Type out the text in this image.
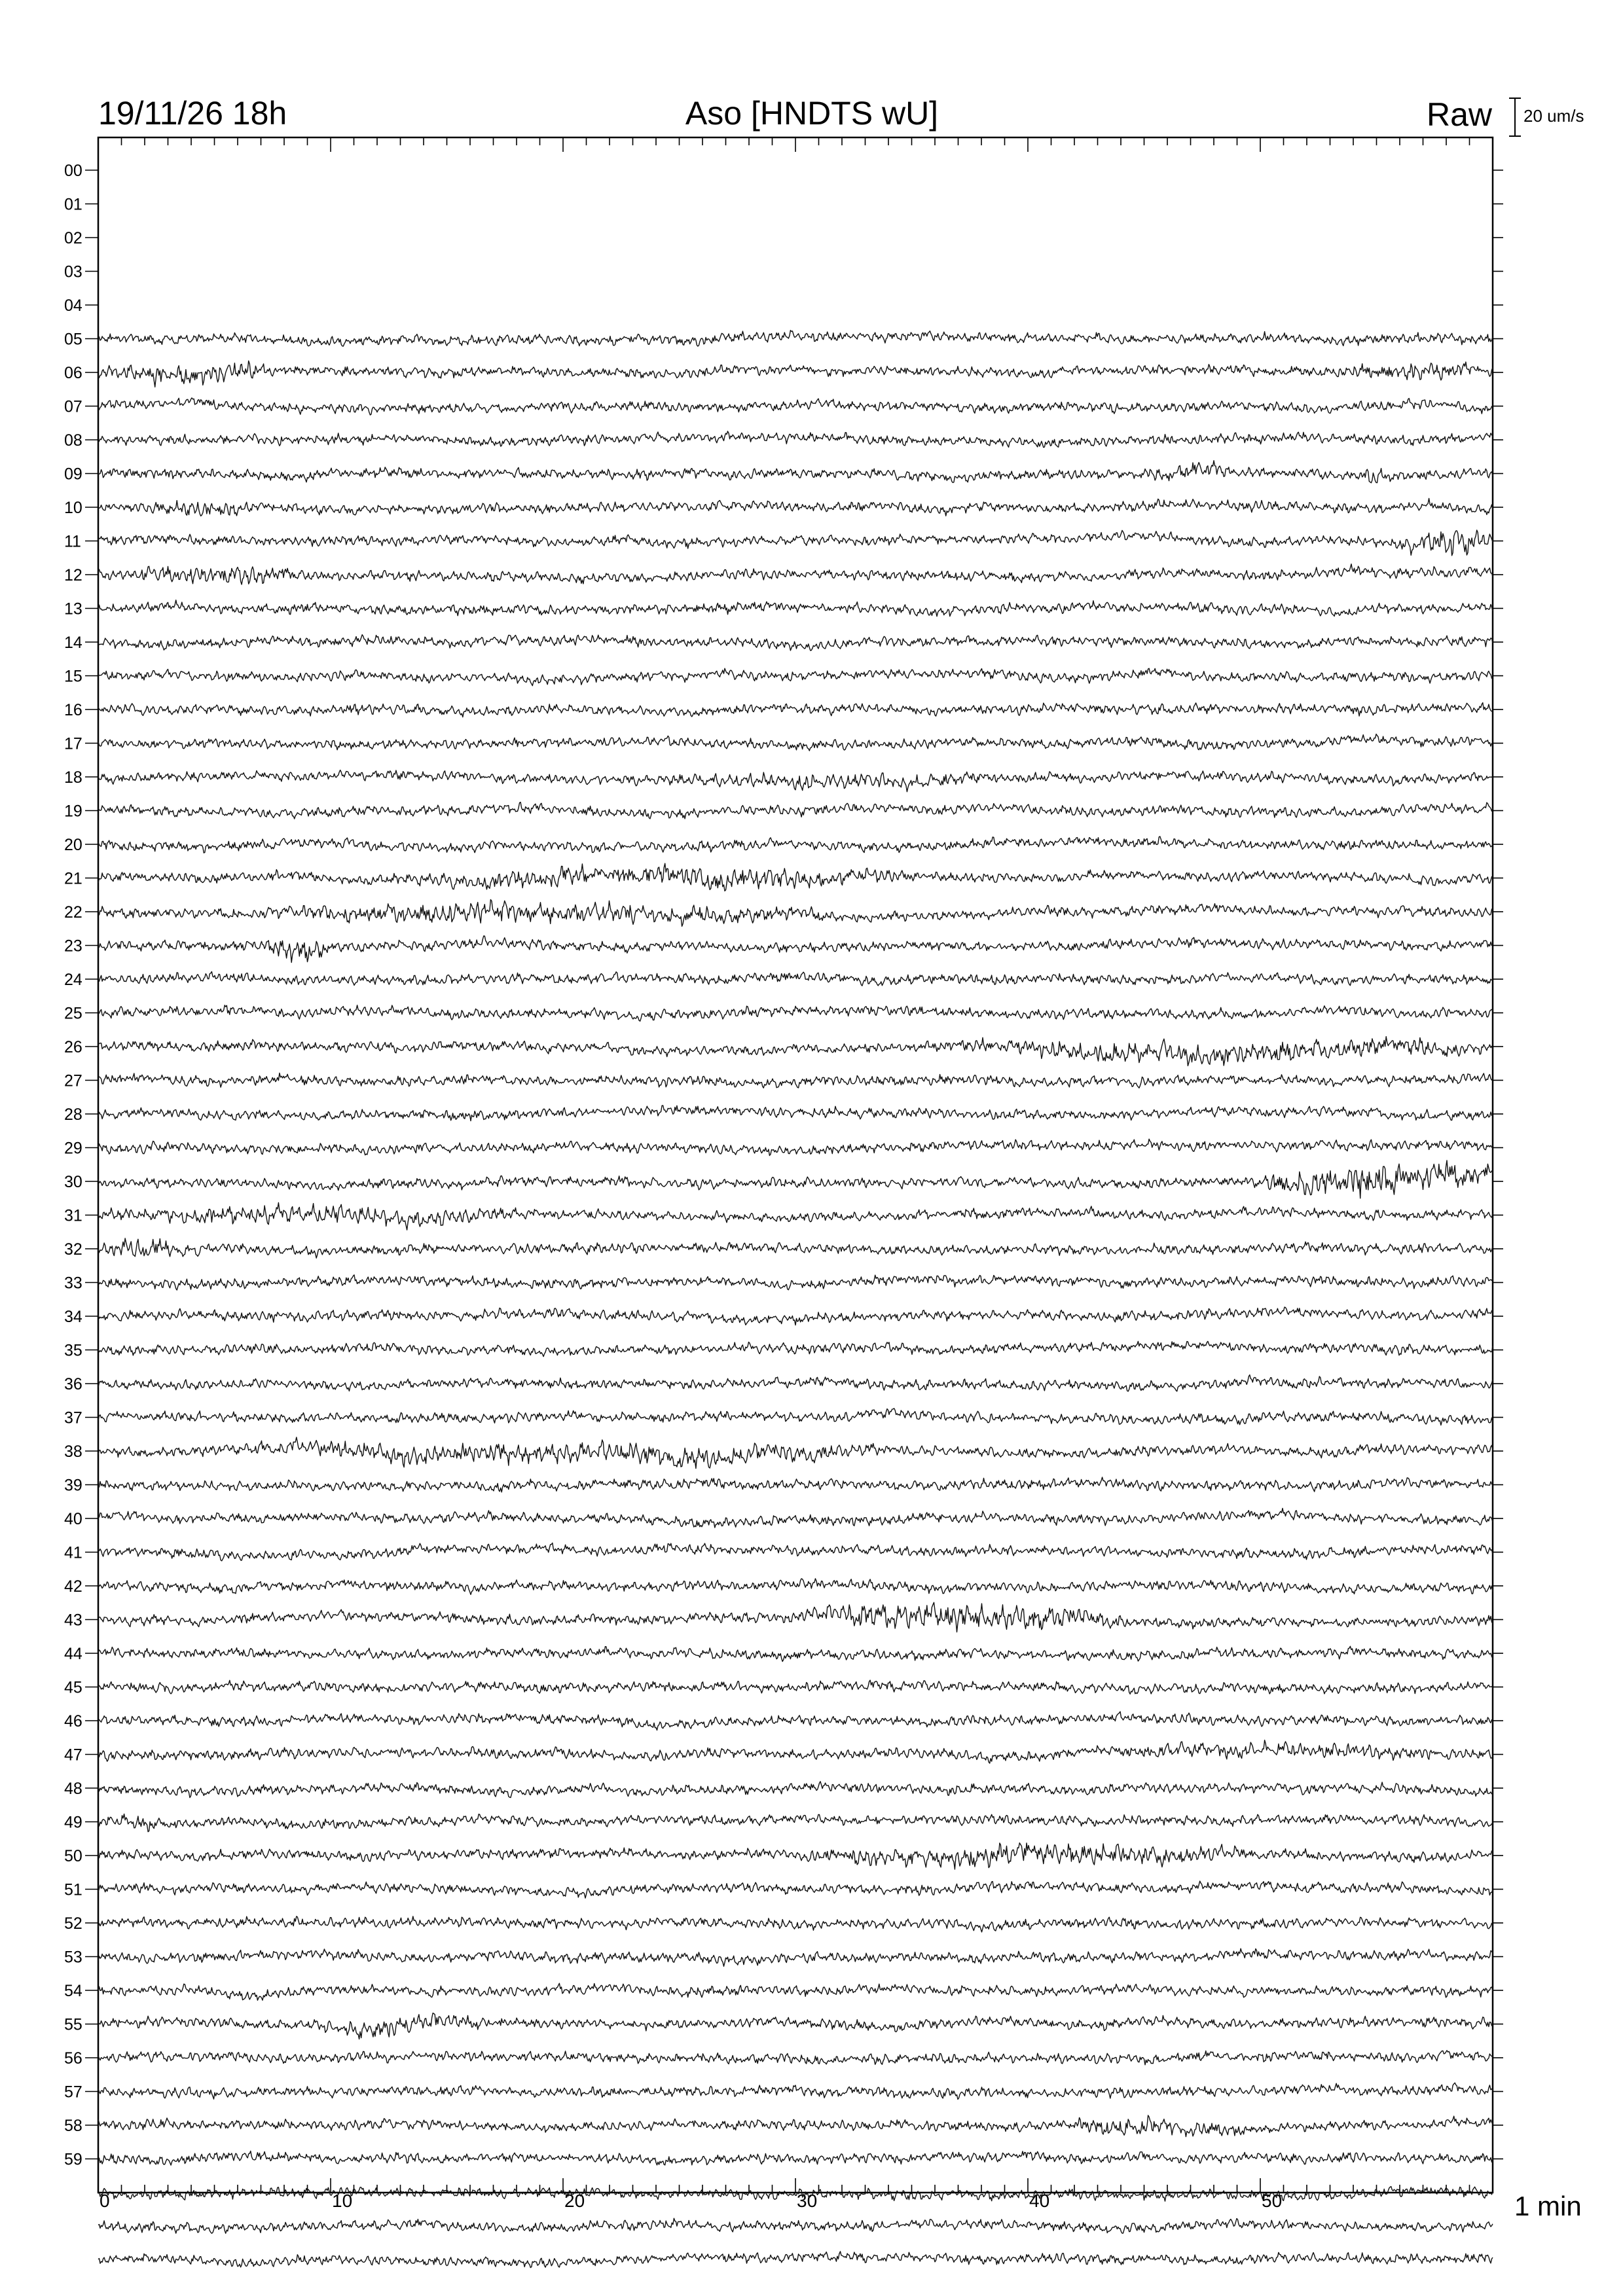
00
01
02
03
04
05
06
07
08
09
10
11
12
13
14
15
16
17
18
19
20
21
22
23
24
25
26
27
28
29
30
31
32
33
34
35
36
37
38
39
40
41
42
43
44
45
46
47
48
49
50
51
52
53
54
55
56
57
58
59
0	10	20	30	40	50
19/11/26 18h	Aso [HNDTS wU]	Raw 20 um/s
1 min
